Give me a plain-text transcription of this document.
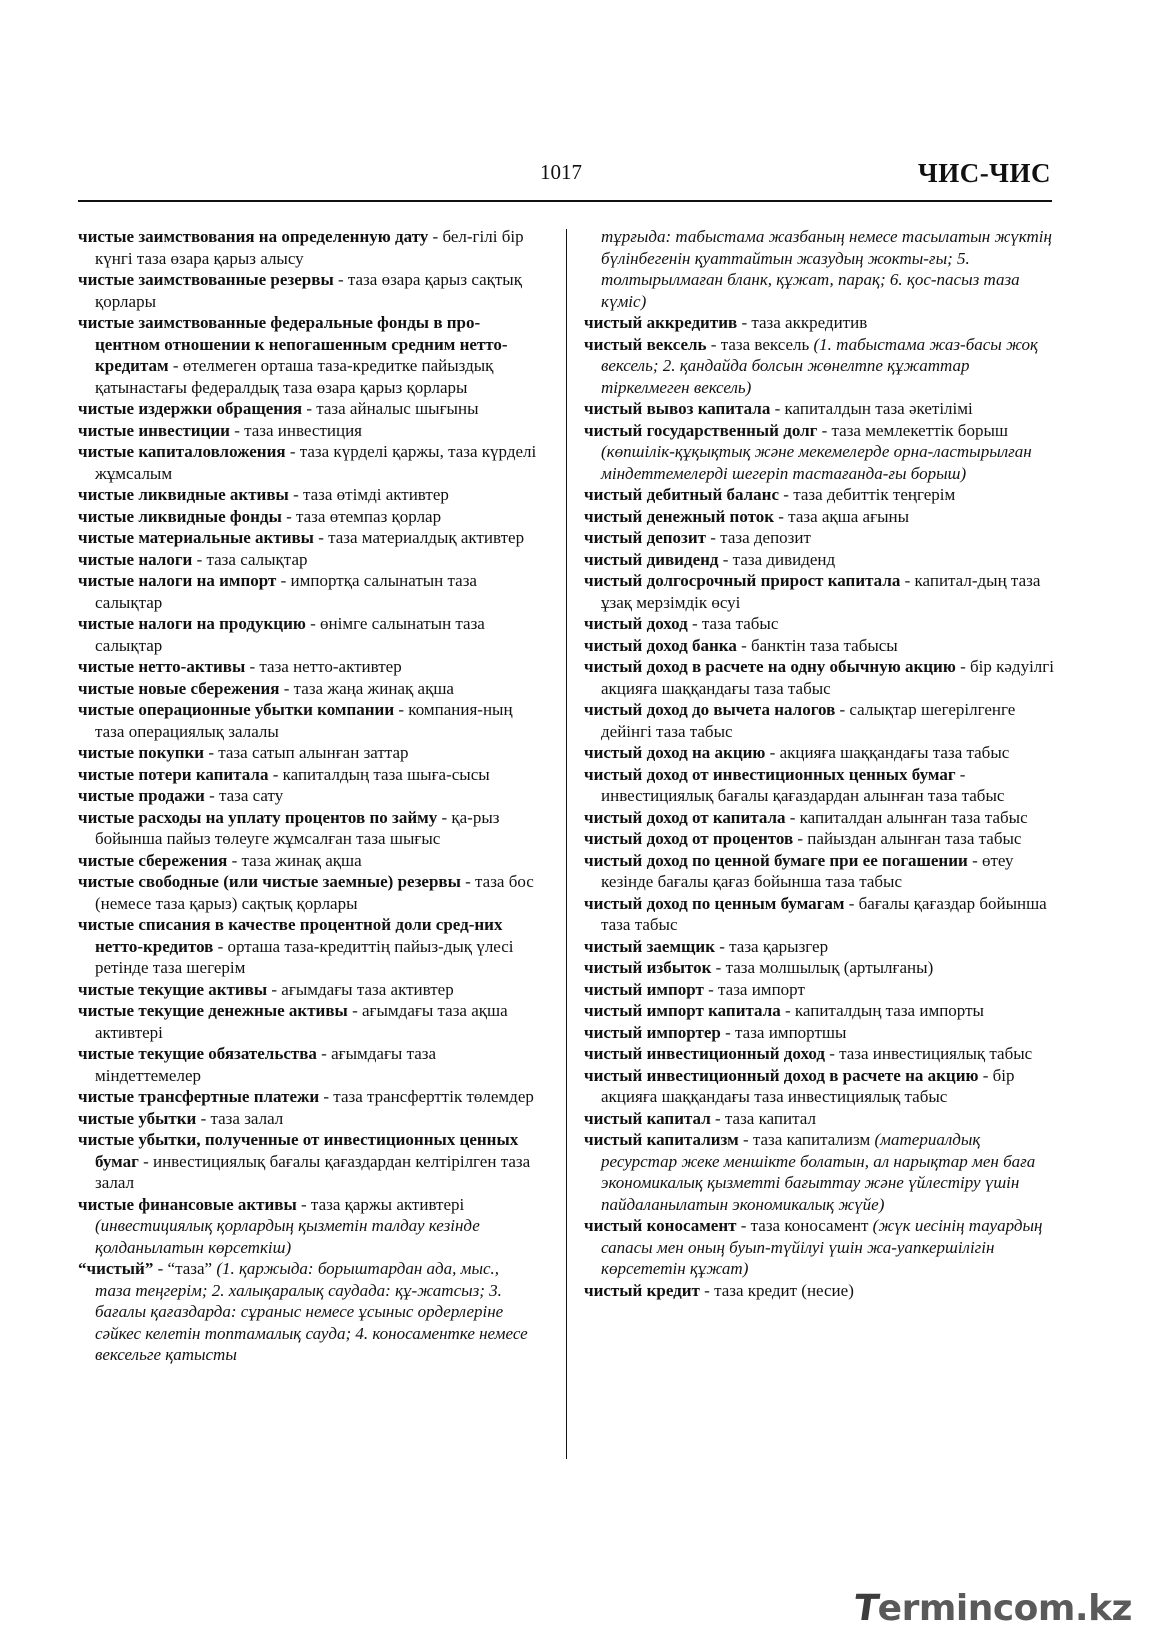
1017	ЧИС-ЧИС

чистые заимствования на определенную дату - бел-гілі бір күнгі таза өзара қарыз алысу

чистые заимствованные резервы - таза өзара қарыз сақтық қорлары

чистые заимствованные федеральные фонды в про-центном отношении к непогашенным средним нетто-кредитам - өтелмеген орташа таза-кредитке пайыздық қатынастағы федералдық таза өзара қарыз қорлары

чистые издержки обращения - таза айналыс шығыны

чистые инвестиции - таза инвестиция

чистые капиталовложения - таза күрделі қаржы, таза күрделі жұмсалым

чистые ликвидные активы - таза өтімді активтер

чистые ликвидные фонды - таза өтемпаз қорлар

чистые материальные активы - таза материалдық активтер

чистые налоги - таза салықтар

чистые налоги на импорт - импортқа салынатын таза салықтар

чистые налоги на продукцию - өнімге салынатын таза салықтар

чистые нетто-активы - таза нетто-активтер

чистые новые сбережения - таза жаңа жинақ ақша

чистые операционные убытки компании - компания-ның таза операциялық залалы

чистые покупки - таза сатып алынған заттар

чистые потери капитала - капиталдың таза шыға-сысы

чистые продажи - таза сату

чистые расходы на уплату процентов по займу - қа-рыз бойынша пайыз төлеуге жұмсалған таза шығыс

чистые сбережения - таза жинақ ақша

чистые свободные (или чистые заемные) резервы - таза бос (немесе таза қарыз) сақтық қорлары

чистые списания в качестве процентной доли сред-них нетто-кредитов - орташа таза-кредиттің пайыз-дық үлесі ретінде таза шегерім

чистые текущие активы - ағымдағы таза активтер

чистые текущие денежные активы - ағымдағы таза ақша активтері

чистые текущие обязательства - ағымдағы таза міндеттемелер

чистые трансфертные платежи - таза трансферттік төлемдер

чистые убытки - таза залал

чистые убытки, полученные от инвестиционных ценных бумаг - инвестициялық бағалы қағаздардан келтірілген таза залал

чистые финансовые активы - таза қаржы активтері (инвестициялық қорлардың қызметін талдау кезінде қолданылатын көрсеткіш)

“чистый” - “таза” (1. қаржыда: борыштардан ада, мыс., таза теңгерім; 2. халықаралық саудада: құ-жатсыз; 3. бағалы қағаздарда: сұраныс немесе ұсыныс ордерлеріне сәйкес келетін топтамалық сауда; 4. коносаментке немесе вексельге қатысты

тұрғыда: табыстама жазбаның немесе тасылатын жүктің бүлінбегенін қуаттайтын жазудың жокты-ғы; 5. толтырылмаған бланк, құжат, парақ; 6. қос-пасыз таза күміс)

чистый аккредитив - таза аккредитив

чистый вексель - таза вексель (1. табыстама жаз-басы жоқ вексель; 2. қандайда болсын жөнелтпе құжаттар тіркелмеген вексель)

чистый вывоз капитала - капиталдын таза әкетілімі

чистый государственный долг - таза мемлекеттік борыш (көпшілік-құқықтық және мекемелерде орна-ластырылған міндеттемелерді шегеріп тастағанда-ғы борыш)

чистый дебитный баланс - таза дебиттік теңгерім

чистый денежный поток - таза ақша ағыны

чистый депозит - таза депозит

чистый дивиденд - таза дивиденд

чистый долгосрочный прирост капитала - капитал-дың таза ұзақ мерзімдік өсуі

чистый доход - таза табыс

чистый доход банка - банктін таза табысы

чистый доход в расчете на одну обычную акцию - бір кәдуілгі акцияға шаққандағы таза табыс

чистый доход до вычета налогов - салықтар шегерілгенге дейінгі таза табыс

чистый доход на акцию - акцияға шаққандағы таза табыс

чистый доход от инвестиционных ценных бумаг - инвестициялық бағалы қағаздардан алынған таза табыс

чистый доход от капитала - капиталдан алынған таза табыс

чистый доход от процентов - пайыздан алынған таза табыс

чистый доход по ценной бумаге при ее погашении - өтеу кезінде бағалы қағаз бойынша таза табыс

чистый доход по ценным бумагам - бағалы қағаздар бойынша таза табыс

чистый заемщик - таза қарызгер

чистый избыток - таза молшылық (артылғаны)

чистый импорт - таза импорт

чистый импорт капитала - капиталдың таза импорты

чистый импортер - таза импортшы

чистый инвестиционный доход - таза инвестициялық табыс

чистый инвестиционный доход в расчете на акцию - бір акцияға шаққандағы таза инвестициялық табыс

чистый капитал - таза капитал

чистый капитализм - таза капитализм (материалдық ресурстар жеке меншікте болатын, ал нарықтар мен баға экономикалық қызметті бағыттау және үйлестіру үшін пайдаланылатын экономикалық жүйе)

чистый коносамент - таза коносамент (жүк иесінің тауардың сапасы мен оның буып-түйілуі үшін жа-уапкершілігін көрсететін құжат)

чистый кредит - таза кредит (несие)

Termincom.kz
